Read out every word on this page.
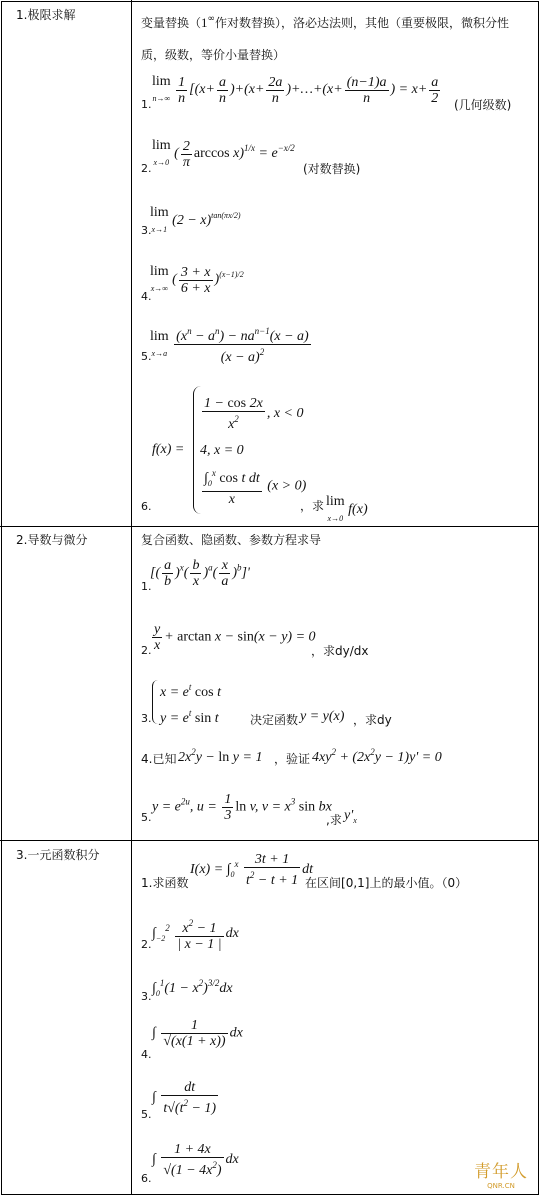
1.极限求解
2.导数与微分
3.一元函数积分
变量替换（1∞作对数替换），洛必达法则，其他（重要极限，微积分性
质，级数，等价小量替换）
1.
lim
$n\to\infty \frac{1}{n} [(x+ \frac{a}{n} )+(x+ \frac{2a}{n}$ )+…+(x+ $\frac{(n-1)a}{n}$ ) = $x+ \frac{a}{2}$ (几何级数)
2.
lim
x→0 ( $\frac{2}{\pi}$ $\arccos x)^{1/x} = e^{-x/2}$
(对数替换)
3.
lim
x→1 $(2 - x)^{tan(\pi x/2)}$
4.
lim
x→∞ ( $\frac{3 + x}{6 + x} )^{(x-1)/2}$
5.
lim
$x\to a \frac{(x^n - a^n) - na^{n-1}(x - a)}{(x - a)^2}$
6.
f(x) =
$\frac{1 - \cos 2x}{x^2}$ , x < 0
4, x = 0
$\frac{\int_0^x \cos t dt}{x} (x > 0)$
，求 lim
x→0 f(x)
复合函数、隐函数、参数方程求导
1.
[( $\frac{a}{b} )^x( \frac{b}{x} )^a( \frac{x}{a} )^b]'$
2. $\frac{y}{x} + \arctan x - \sin(x - y) = 0$
，求dy/dx
3.
$x = e^t$ cos t
$y = e^t$ sin t	决定函数 y = y(x) ，求dy
4.已知 $2x^2y - \ln y = 1$ ，验证 $4xy^2 + (2x^2y - 1)y' = 0$
5.
$y = e^{2u}$, $u = \frac{1}{3}$ ln v, $v = x^3$ sin bx
,求 $y'_x$
1.求函数
$I(x) = \int_0^x \frac{3t + 1}{t^2 - t + 1}$ dt
在区间[0,1]上的最小值。（0）
2.
$\int_{-2}^2 \frac{x^2 - 1}{| x - 1 |}$ dx
3.
$\int_0^1(1 - x^2)^{3/2}dx$
4.
∫ $\frac{1}{√(x(1 + x))}$ dx
5.
∫ $\frac{dt}{t√(t^2 - 1)}$
6.
∫ $\frac{1 + 4x}{√(1 - 4x^2)}$ dx
青年人
QNR.CN
